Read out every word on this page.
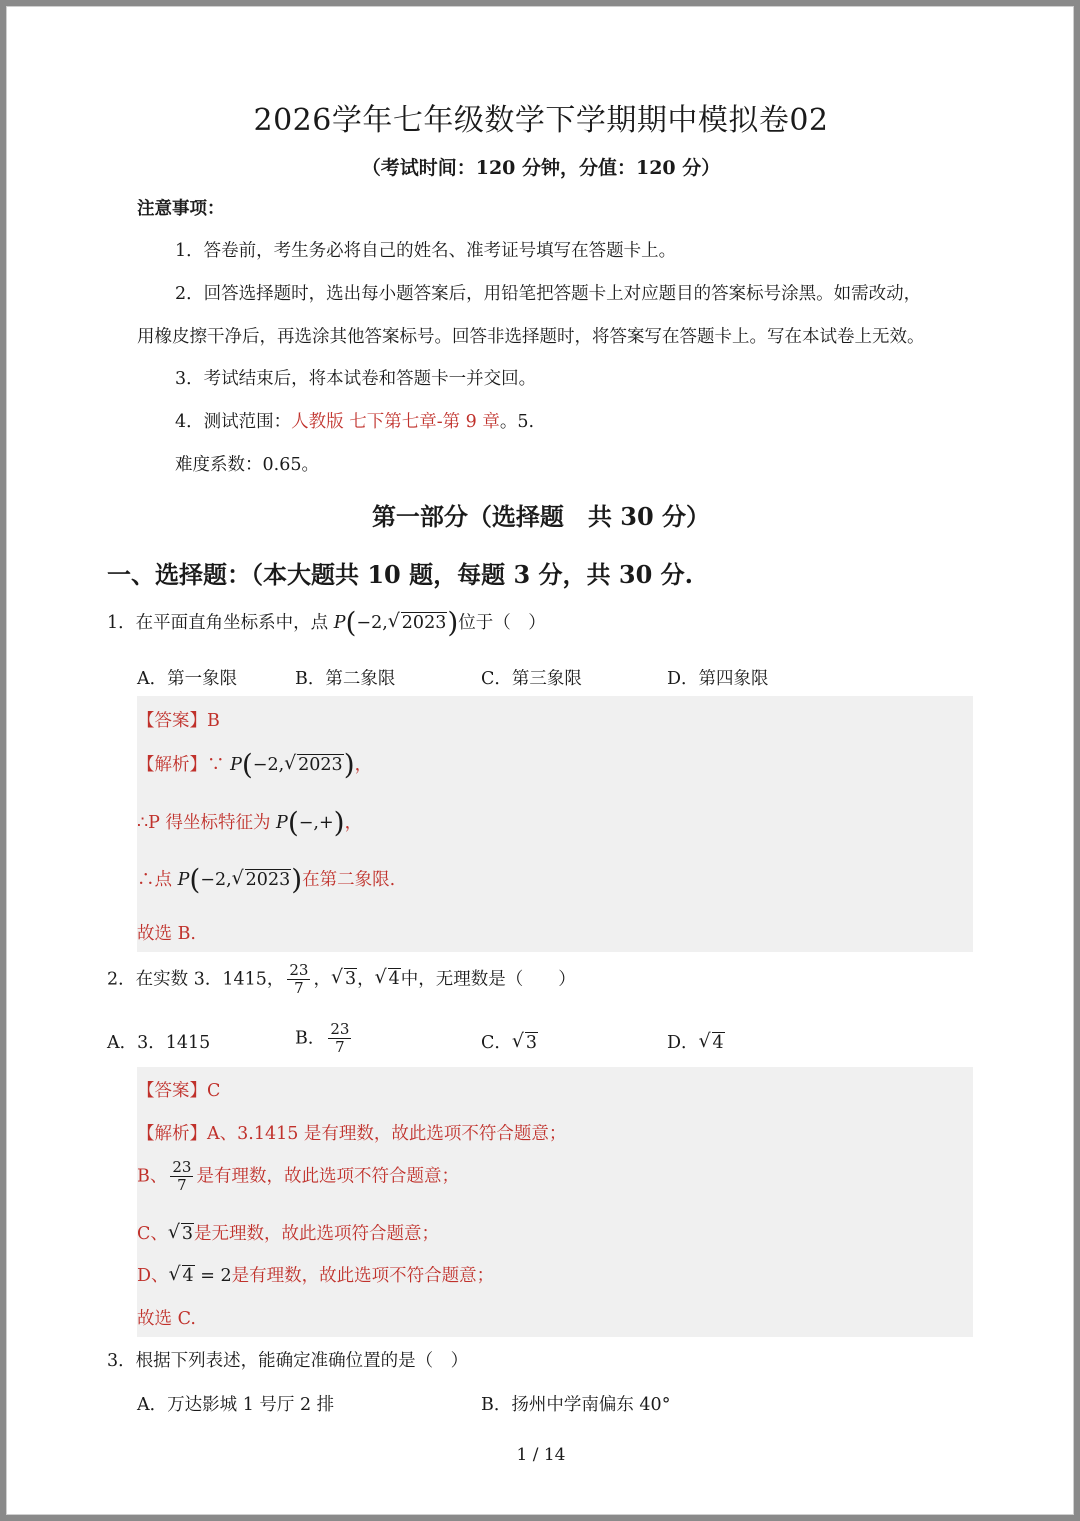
2026学年七年级数学下学期期中模拟卷02
（考试时间：120 分钟，分值：120 分）
注意事项：
1．答卷前，考生务必将自己的姓名、准考证号填写在答题卡上。
2．回答选择题时，选出每小题答案后，用铅笔把答题卡上对应题目的答案标号涂黑。如需改动，
用橡皮擦干净后，再选涂其他答案标号。回答非选择题时，将答案写在答题卡上。写在本试卷上无效。
3．考试结束后，将本试卷和答题卡一并交回。
4．测试范围：人教版 七下第七章-第 9 章。5.
难度系数：0.65。
第一部分（选择题　共 30 分）
一、选择题：（本大题共 10 题，每题 3 分，共 30 分.
1．在平面直角坐标系中，点 P(−2, √ 2023)位于（　）
A．第一象限	B．第二象限	C．第三象限	D．第四象限
【答案】B
【解析】∵ P(−2, √ 2023)，
∴P 得坐标特征为 P(−,+)，
∴点 P(−2, √ 2023)在第二象限.
故选 B.
2．在实数 3．1415， $\frac{23}{7}$ ， √ 3， √ 4中，无理数是（　　）
A．3．1415	B． $\frac{23}{7}$	C． √ 3	D． √ 4
【答案】C
【解析】A、3.1415 是有理数，故此选项不符合题意；
B、 $\frac{23}{7}$ 是有理数，故此选项不符合题意；
C、 √ 3是无理数，故此选项符合题意；
D、 √ 4 = 2是有理数，故此选项不符合题意；
故选 C.
3．根据下列表述，能确定准确位置的是（　）
A．万达影城 1 号厅 2 排	B．扬州中学南偏东 40°
1 / 14
